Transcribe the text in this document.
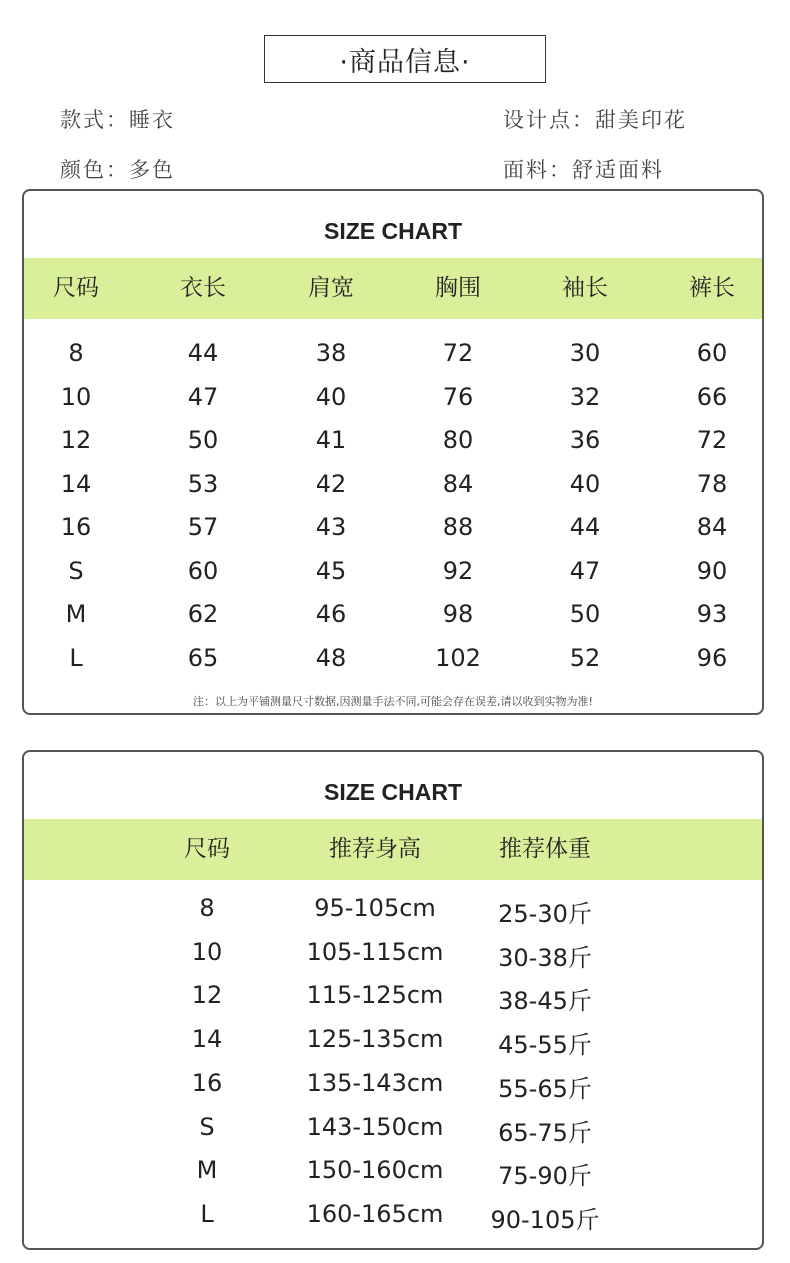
·商品信息·
款式：睡衣
颜色：多色
设计点：甜美印花
面料：舒适面料
SIZE CHART
尺码	衣长	肩宽	胸围	袖长	裤长
8	44	38	72	30	60
10	47	40	76	32	66
12	50	41	80	36	72
14	53	42	84	40	78
16	57	43	88	44	84
S	60	45	92	47	90
M	62	46	98	50	93
L	65	48	102	52	96
注：以上为平铺测量尺寸数据,因测量手法不同,可能会存在误差,请以收到实物为准!
SIZE CHART
尺码	推荐身高	推荐体重
8	95-105cm	25-30斤
10	105-115cm	30-38斤
12	115-125cm	38-45斤
14	125-135cm	45-55斤
16	135-143cm	55-65斤
S	143-150cm	65-75斤
M	150-160cm	75-90斤
L	160-165cm	90-105斤
